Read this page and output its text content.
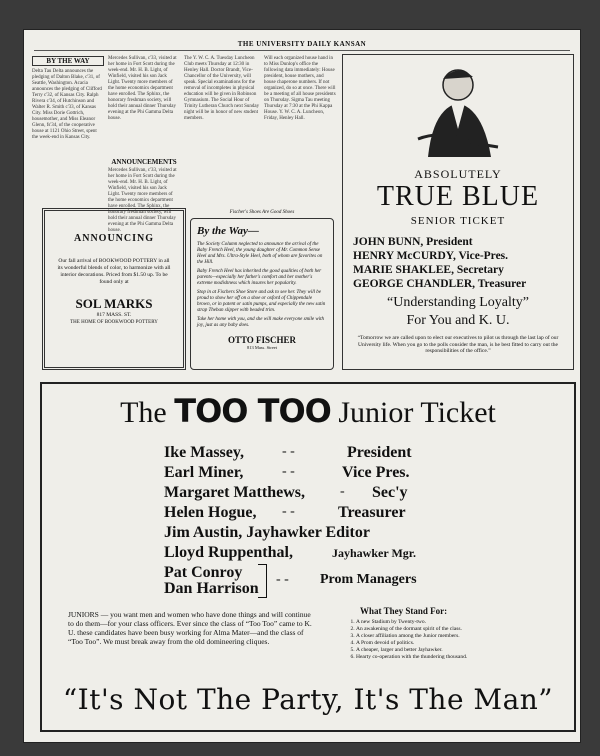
THE UNIVERSITY DAILY KANSAN
BY THE WAY
Delta Tau Delta announces the pledging of Dalton Blake, c'31, of Seattle, Washington. Acacia announces the pledging of Clifford Terry c'32, of Kansas City. Ralph Rivera c'34, of Hutchinson and Walter R. Smith c'33, of Kansas City. Miss Dorie Gottrich, housemother, and Miss Eleanor Glenn, fs'34, of the cooperative house at 1121 Ohio Street, spent the week-end in Kansas City.
Mercedes Sullivan, c'33, visited at her home in Fort Scott during the week-end. Mr. H. B. Light, of Winfield, visited his son Jack Light. Twenty more members of the home economics department have enrolled. The Sphinx, the honorary freshman society, will hold their annual dinner Thursday evening at the Phi Gamma Delta house.
ANNOUNCEMENTS
Mercedes Sullivan, c'33, visited at her home in Fort Scott during the week-end. Mr. H. B. Light, of Winfield, visited his son Jack Light. Twenty more members of the home economics department have enrolled. The Sphinx, the honorary freshman society, will hold their annual dinner Thursday evening at the Phi Gamma Delta house.
The Y. W. C. A. Tuesday Luncheon Club meets Thursday at 12:30 in Henley Hall. Doctor Brandt, Vice-Chancellor of the University, will speak. Special examinations for the removal of incompletes in physical education will be given in Robinson Gymnasium. The Social Hour of Trinity Lutheran Church next Sunday night will be in honor of new student members.
Will each organized house hand in to Miss Dunlop's office the following data immediately: House president, house mothers, and house chaperone numbers. If not organized, do so at once. There will be a meeting of all house presidents on Thursday. Sigma Tau meeting Thursday at 7:30 at the Phi Kappa House. Y. W. C. A. Luncheon, Friday, Henley Hall.
ANNOUNCING
Our fall arrival of BOOKWOOD POTTERY in all its wonderful blends of color, to harmonize with all interior decorations. Priced from $1.50 up. To be found only at
SOL MARKS
817 MASS. ST.
THE HOME OF BOOKWOOD POTTERY
Fischer's Shoes Are Good Shoes
By the Way—
The Society Column neglected to announce the arrival of the Baby French Heel, the young daughter of Mr. Common Sense Heel and Mrs. Ultra-Style Heel, both of whom are favorites on the Hill.
Baby French Heel has inherited the good qualities of both her parents—especially her father's comfort and her mother's extreme modishness which insures her popularity.
Stop in at Fischers Shoe Store and ask to see her. They will be proud to show her off on a shoe or oxford of Chippendale brown, or in patent or satin pumps, and especially the new satin strap Theban slipper with beaded trim.
Take her home with you, and she will make everyone smile with joy, just as any baby does.
OTTO FISCHER
813 Mass. Street
ABSOLUTELY
TRUE BLUE
SENIOR TICKET
JOHN BUNN, President
HENRY McCURDY, Vice-Pres.
MARIE SHAKLEE, Secretary
GEORGE CHANDLER, Treasurer
“Understanding Loyalty”
For You and K. U.
“Tomorrow we are called upon to elect our executives to pilot us through the last lap of our University life. When you go to the polls consider the man, is he best fitted to carry out the responsibilities of the office.”
The TOO TOO Junior Ticket
Ike Massey,	- -	President
Earl Miner,	- -	Vice Pres.
Margaret Matthews,	- Sec'y
Helen Hogue, - -	Treasurer
Jim Austin, Jayhawker Editor
Lloyd Ruppenthal,	Jayhawker Mgr.
Pat Conroy
Dan Harrison
- - Prom Managers
JUNIORS — you want men and women who have done things and will continue to do them—for your class officers. Ever since the class of “Too Too” came to K. U. these candidates have been busy working for Alma Mater—and the class of “Too Too”. We must break away from the old domineering cliques.
What They Stand For:
1. A new Stadium by Twenty-two.
2. An awakening of the dormant spirit of the class.
3. A closer affiliation among the Junior members.
4. A Prom devoid of politics.
5. A cheaper, larger and better Jayhawker.
6. Hearty co-operation with the thundering thousand.
“It's Not The Party, It's The Man”
